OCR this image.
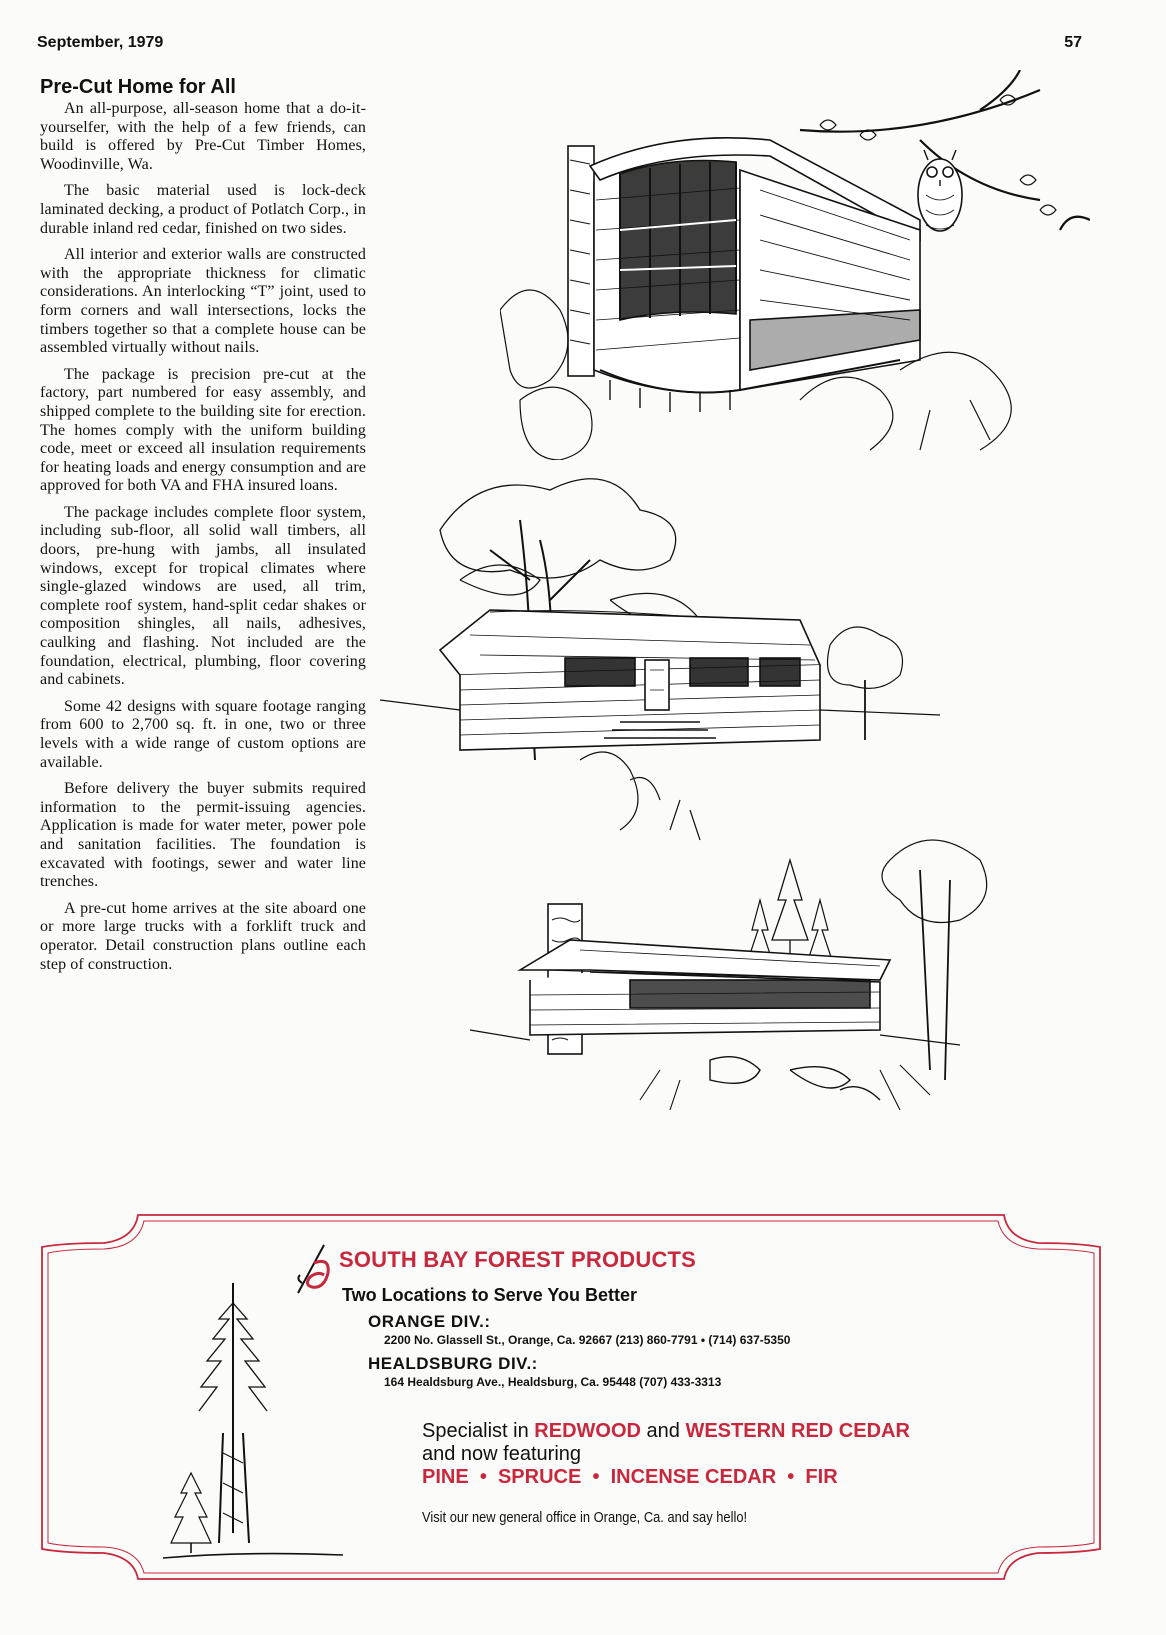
September, 1979	57
Pre-Cut Home for All

An all-purpose, all-season home that a do-it-yourselfer, with the help of a few friends, can build is offered by Pre-Cut Timber Homes, Woodinville, Wa.

The basic material used is lock-deck laminated decking, a product of Potlatch Corp., in durable inland red cedar, finished on two sides.

All interior and exterior walls are constructed with the appropriate thickness for climatic considerations. An interlocking “T” joint, used to form corners and wall intersections, locks the timbers together so that a complete house can be assembled virtually without nails.

The package is precision pre-cut at the factory, part numbered for easy assembly, and shipped complete to the building site for erection. The homes comply with the uniform building code, meet or exceed all insulation requirements for heating loads and energy consumption and are approved for both VA and FHA insured loans.

The package includes complete floor system, including sub-floor, all solid wall timbers, all doors, pre-hung with jambs, all insulated windows, except for tropical climates where single-glazed windows are used, all trim, complete roof system, hand-split cedar shakes or composition shingles, all nails, adhesives, caulking and flashing. Not included are the foundation, electrical, plumbing, floor covering and cabinets.

Some 42 designs with square footage ranging from 600 to 2,700 sq. ft. in one, two or three levels with a wide range of custom options are available.

Before delivery the buyer submits required information to the permit-issuing agencies. Application is made for water meter, power pole and sanitation facilities. The foundation is excavated with footings, sewer and water line trenches.

A pre-cut home arrives at the site aboard one or more large trucks with a forklift truck and operator. Detail construction plans outline each step of construction.

SOUTH BAY FOREST PRODUCTS
Two Locations to Serve You Better
ORANGE DIV.:
2200 No. Glassell St., Orange, Ca. 92667 (213) 860-7791 • (714) 637-5350
HEALDSBURG DIV.:
164 Healdsburg Ave., Healdsburg, Ca. 95448 (707) 433-3313
Specialist in REDWOOD and WESTERN RED CEDAR
and now featuring
PINE • SPRUCE • INCENSE CEDAR • FIR
Visit our new general office in Orange, Ca. and say hello!
